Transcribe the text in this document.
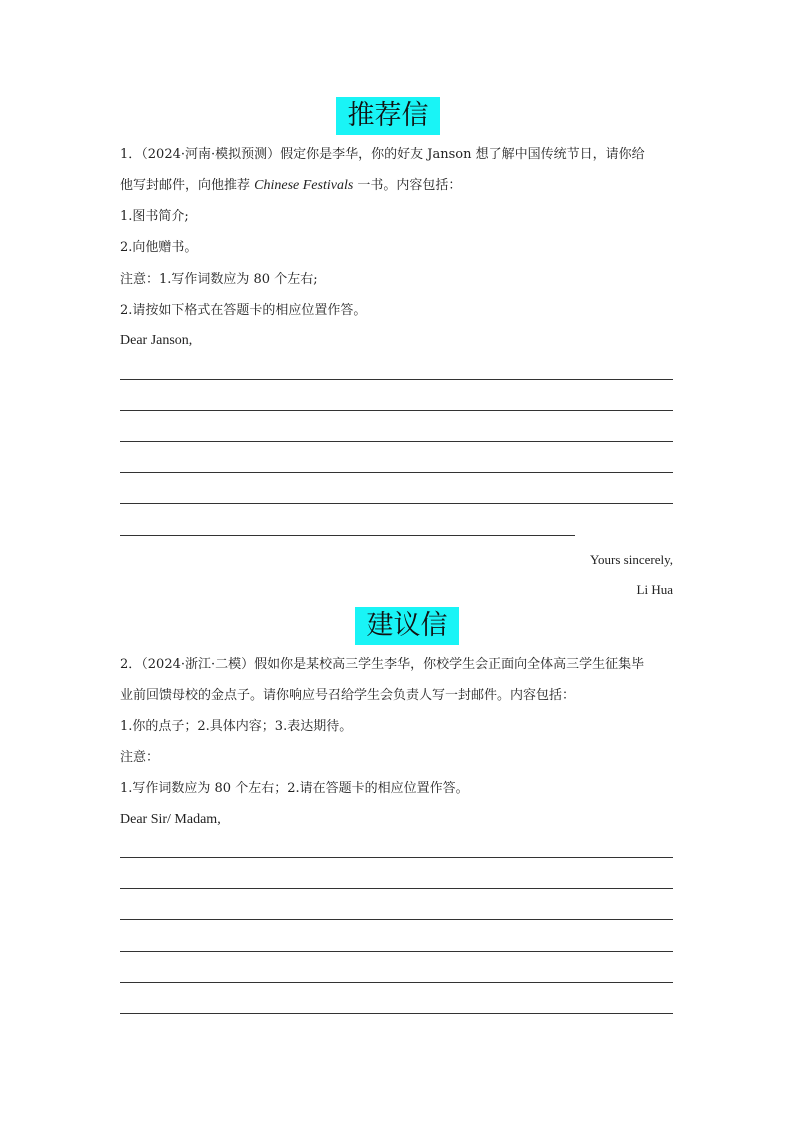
推荐信
1．（2024·河南·模拟预测）假定你是李华，你的好友 Janson 想了解中国传统节日，请你给
他写封邮件，向他推荐 Chinese Festivals 一书。内容包括：
1.图书简介;
2.向他赠书。
注意：1.写作词数应为 80 个左右;
2.请按如下格式在答题卡的相应位置作答。
Dear Janson,
Yours sincerely,
Li Hua
建议信
2．（2024·浙江·二模）假如你是某校高三学生李华，你校学生会正面向全体高三学生征集毕
业前回馈母校的金点子。请你响应号召给学生会负责人写一封邮件。内容包括：
1.你的点子；2.具体内容；3.表达期待。
注意：
1.写作词数应为 80 个左右；2.请在答题卡的相应位置作答。
Dear Sir/ Madam,
